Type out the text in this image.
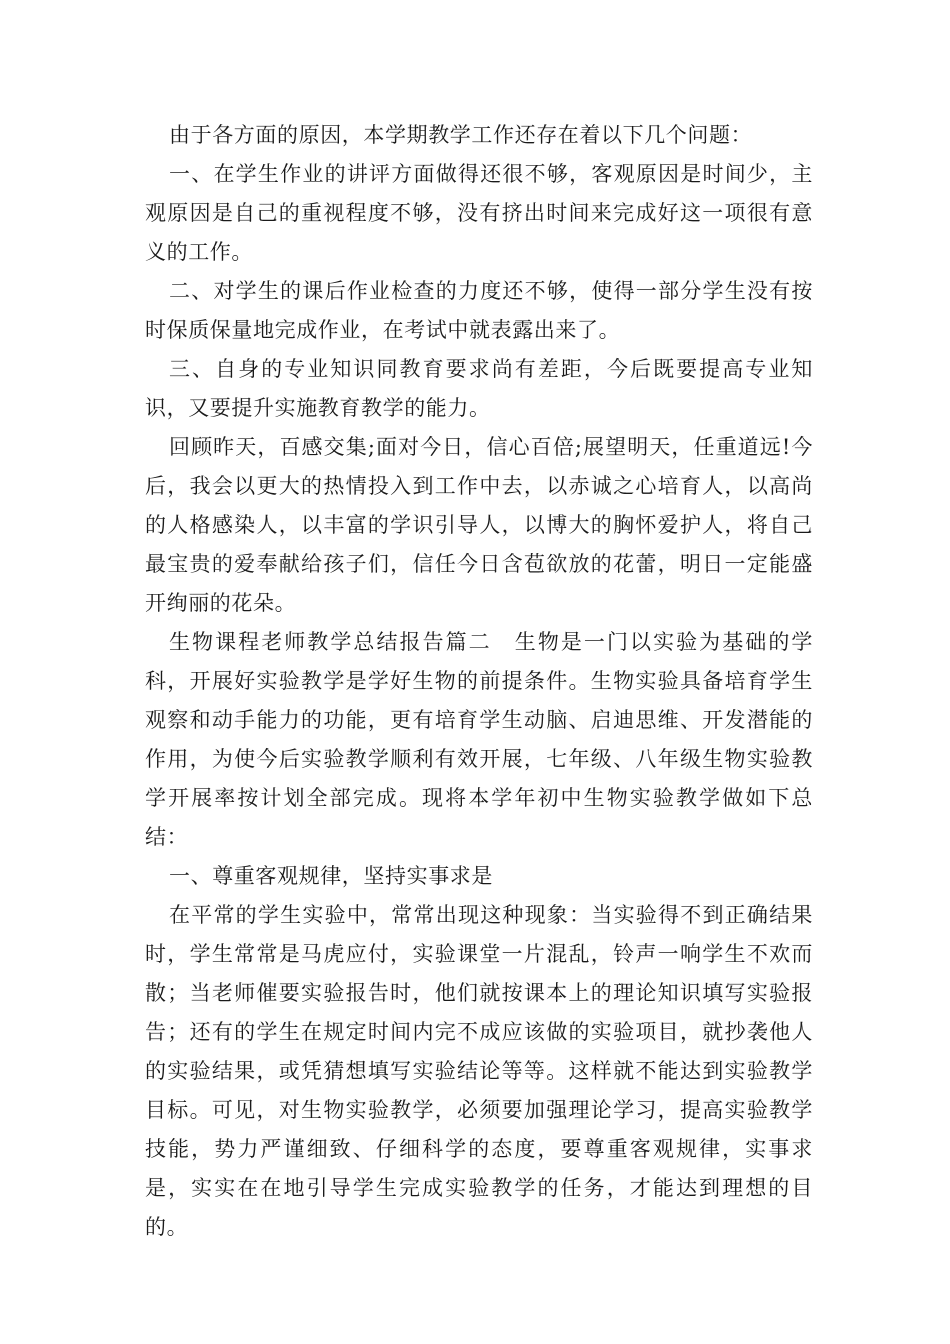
由于各方面的原因，本学期教学工作还存在着以下几个问题：

一、在学生作业的讲评方面做得还很不够，客观原因是时间少，主观原因是自己的重视程度不够，没有挤出时间来完成好这一项很有意义的工作。

二、对学生的课后作业检查的力度还不够，使得一部分学生没有按时保质保量地完成作业，在考试中就表露出来了。

三、自身的专业知识同教育要求尚有差距，今后既要提高专业知识，又要提升实施教育教学的能力。

回顾昨天，百感交集;面对今日，信心百倍;展望明天，任重道远!今后，我会以更大的热情投入到工作中去，以赤诚之心培育人，以高尚的人格感染人，以丰富的学识引导人，以博大的胸怀爱护人，将自己最宝贵的爱奉献给孩子们，信任今日含苞欲放的花蕾，明日一定能盛开绚丽的花朵。

生物课程老师教学总结报告篇二　生物是一门以实验为基础的学科，开展好实验教学是学好生物的前提条件。生物实验具备培育学生观察和动手能力的功能，更有培育学生动脑、启迪思维、开发潜能的作用，为使今后实验教学顺利有效开展，七年级、八年级生物实验教学开展率按计划全部完成。现将本学年初中生物实验教学做如下总结：

一、尊重客观规律，坚持实事求是

在平常的学生实验中，常常出现这种现象：当实验得不到正确结果时，学生常常是马虎应付，实验课堂一片混乱，铃声一响学生不欢而散；当老师催要实验报告时，他们就按课本上的理论知识填写实验报告；还有的学生在规定时间内完不成应该做的实验项目，就抄袭他人的实验结果，或凭猜想填写实验结论等等。这样就不能达到实验教学目标。可见，对生物实验教学，必须要加强理论学习，提高实验教学技能，势力严谨细致、仔细科学的态度，要尊重客观规律，实事求是，实实在在地引导学生完成实验教学的任务，才能达到理想的目的。
